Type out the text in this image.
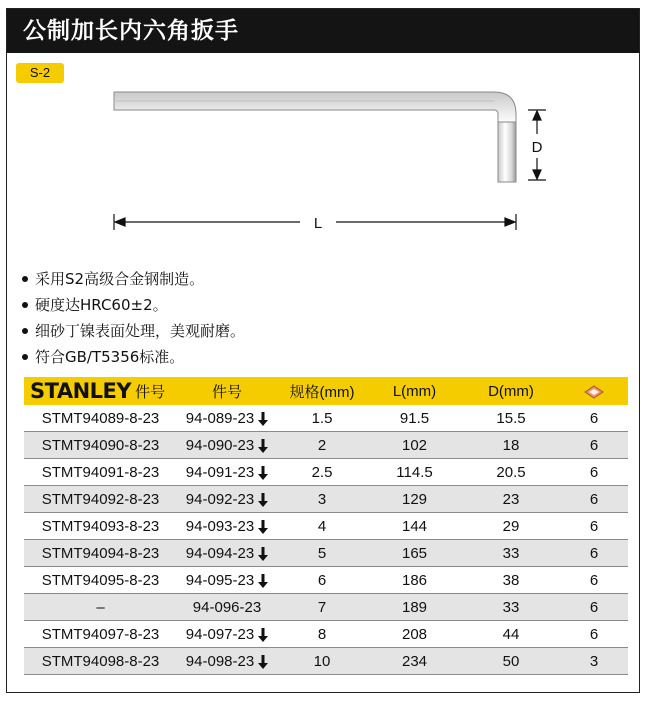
公制加长内六角扳手
S-2
D
L
采用S2高级合金钢制造。
硬度达HRC60±2。
细砂丁镍表面处理，美观耐磨。
符合GB/T5356标准。
STANLEY 件号	件号	规格(mm)	L(mm)	D(mm)	
STMT94089-8-23	94-089-23	1.5	91.5	15.5	6
STMT94090-8-23	94-090-23	2	102	18	6
STMT94091-8-23	94-091-23	2.5	114.5	20.5	6
STMT94092-8-23	94-092-23	3	129	23	6
STMT94093-8-23	94-093-23	4	144	29	6
STMT94094-8-23	94-094-23	5	165	33	6
STMT94095-8-23	94-095-23	6	186	38	6
–	94-096-23	7	189	33	6
STMT94097-8-23	94-097-23	8	208	44	6
STMT94098-8-23	94-098-23	10	234	50	3
